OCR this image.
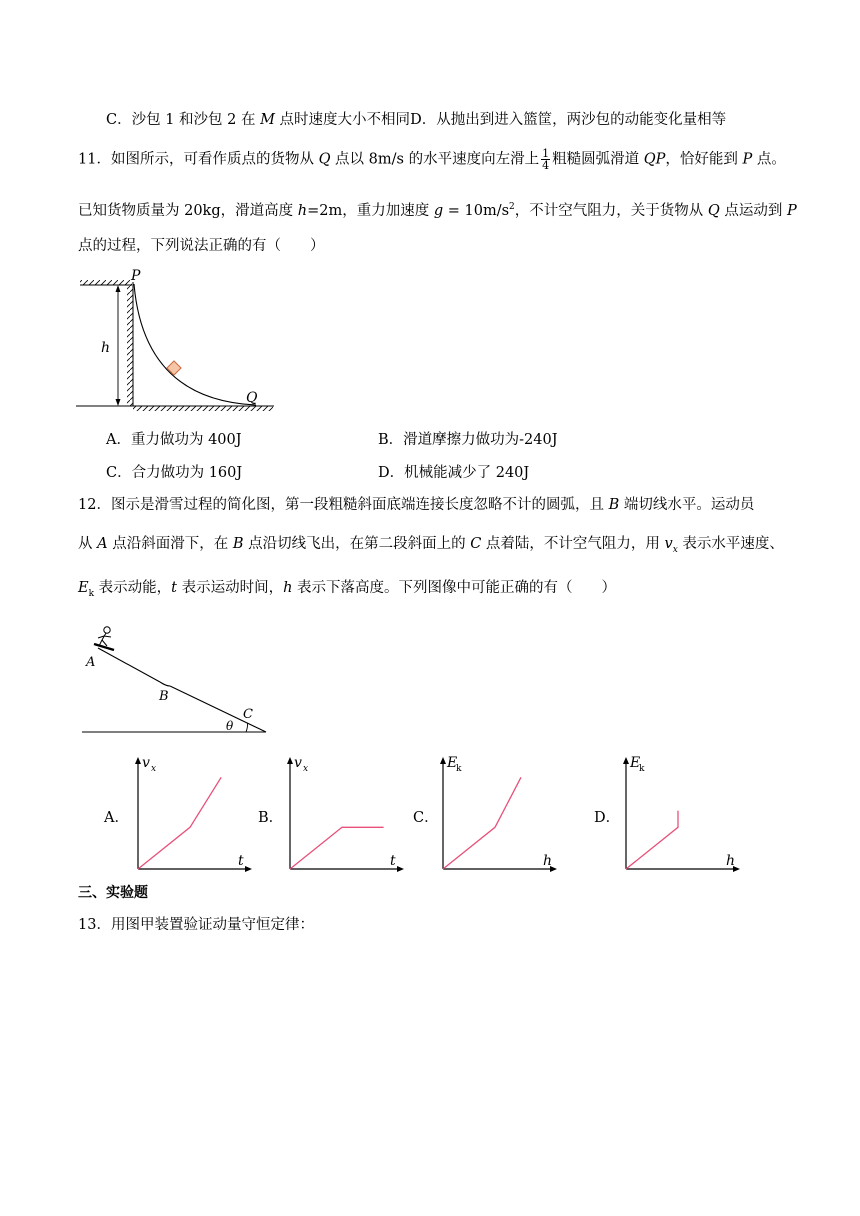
C．沙包 1 和沙包 2 在 M 点时速度大小不相同D．从抛出到进入篮筐，两沙包的动能变化量相等
11．如图所示，可看作质点的货物从 Q 点以 8m/s 的水平速度向左滑上 $\frac{1}{4}$ 粗糙圆弧滑道 QP，恰好能到 P 点。
已知货物质量为 20kg，滑道高度 h=2m，重力加速度 $g = 10m/s^2$，不计空气阻力，关于货物从 Q 点运动到 P
点的过程，下列说法正确的有（　　）
P
h
Q
A．重力做功为 400J	B．滑道摩擦力做功为-240J
C．合力做功为 160J	D．机械能减少了 240J
12．图示是滑雪过程的简化图，第一段粗糙斜面底端连接长度忽略不计的圆弧，且 B 端切线水平。运动员
从 A 点沿斜面滑下，在 B 点沿切线飞出，在第二段斜面上的 C 点着陆，不计空气阻力，用 $v_x$ 表示水平速度、
$E_k$ 表示动能，t 表示运动时间，h 表示下落高度。下列图像中可能正确的有（　　）
A
B
C
θ
A．
v x
t
B．
v x
t
C．
E
k
h
D．
E
k
h
三、实验题
13．用图甲装置验证动量守恒定律：
